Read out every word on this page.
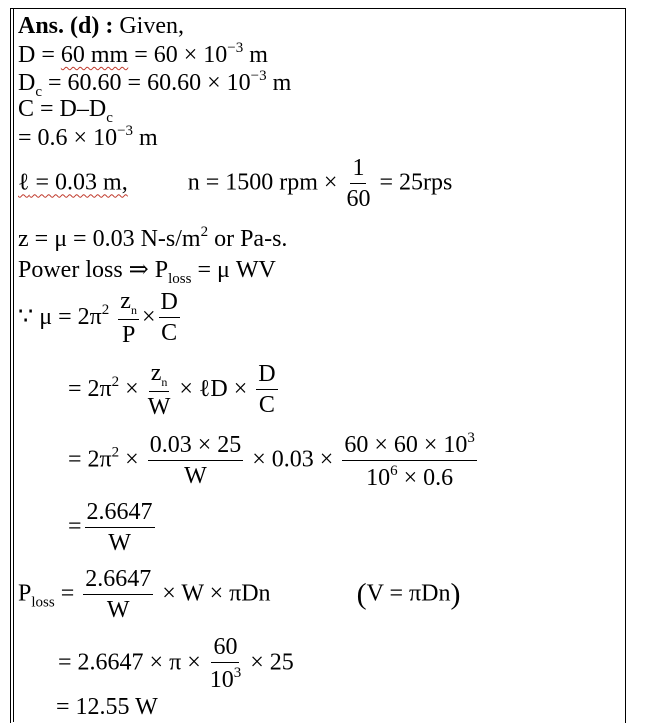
Ans. (d) : Given,
D = 60 mm = $60 \times 10^{-3}$ m
$D_c = 60.60 = 60.60 \times 10^{-3}$ m
$C = D-D_c$
= $0.6 \times 10^{-3}$ m
ℓ = 0.03 m,	n = 1500 rpm × $\frac{1}{60} = 25rps$
z = μ = 0.03 $N-s/m^2$ or Pa-s.
Power loss ⇒ $P_{loss} = \mu$ WV
∵ $\mu = 2\pi^2 \frac{z_n}{P} \times \frac{D}{C}$
= $2\pi^2 \times \frac{z_n}{W}$ × ℓD × $\frac{D}{C}$
= $2\pi^2 \times \frac{0.03 \times 25}{W} \times 0.03 \times \frac{60 \times 60 \times 10^3}{10^6 \times 0.6}$
= $\frac{2.6647}{W}$
$P_{loss} = \frac{2.6647}{W} \times W \times \pi Dn$	(V = πDn)
= $2.6647 \times \pi \times \frac{60}{10^3} \times 25$
= 12.55 W
